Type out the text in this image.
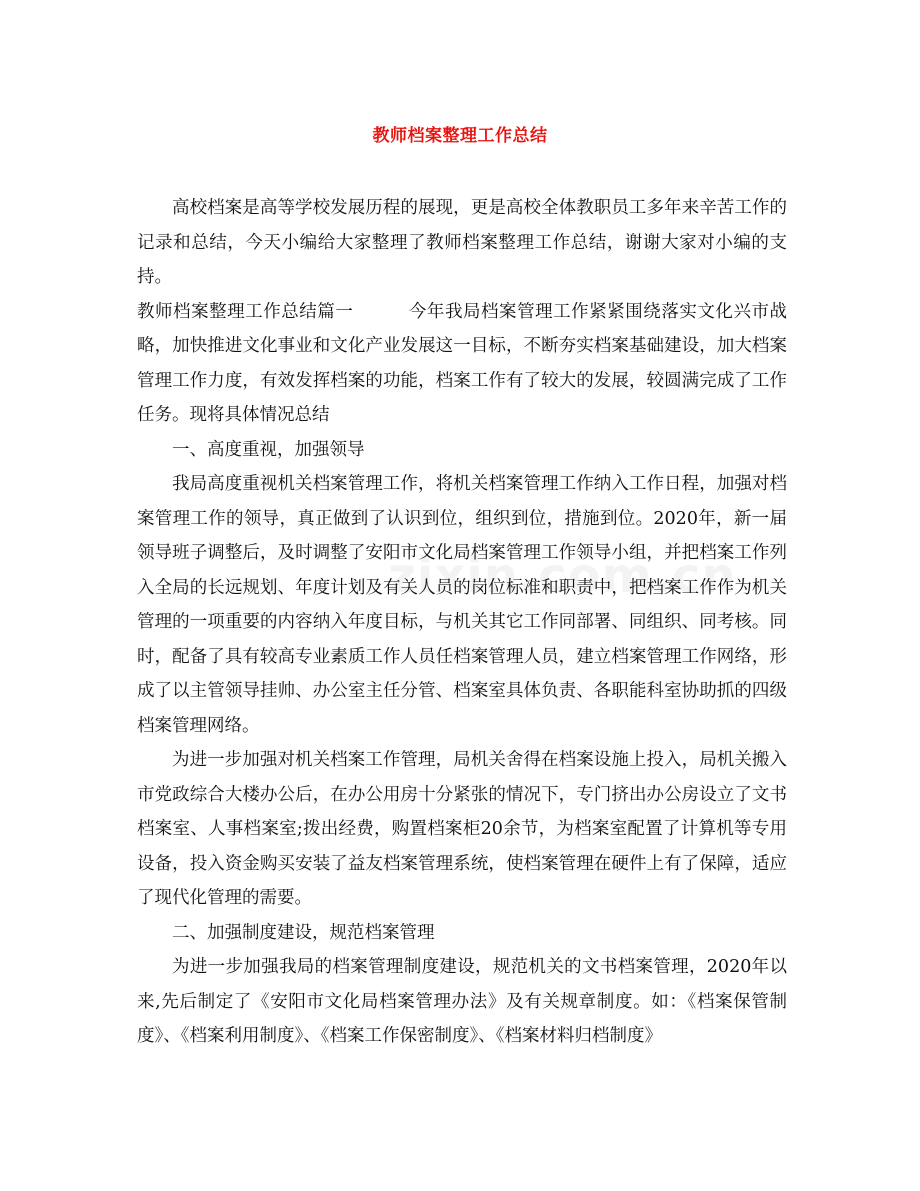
教师档案整理工作总结

高校档案是高等学校发展历程的展现，更是高校全体教职员工多年来辛苦工作的记录和总结，今天小编给大家整理了教师档案整理工作总结，谢谢大家对小编的支持。

教师档案整理工作总结篇一	今年我局档案管理工作紧紧围绕落实文化兴市战略，加快推进文化事业和文化产业发展这一目标，不断夯实档案基础建设，加大档案管理工作力度，有效发挥档案的功能，档案工作有了较大的发展，较圆满完成了工作任务。现将具体情况总结

一、高度重视，加强领导

我局高度重视机关档案管理工作，将机关档案管理工作纳入工作日程，加强对档案管理工作的领导，真正做到了认识到位，组织到位，措施到位。2020年，新一届领导班子调整后，及时调整了安阳市文化局档案管理工作领导小组，并把档案工作列入全局的长远规划、年度计划及有关人员的岗位标准和职责中，把档案工作作为机关管理的一项重要的内容纳入年度目标，与机关其它工作同部署、同组织、同考核。同时，配备了具有较高专业素质工作人员任档案管理人员，建立档案管理工作网络，形成了以主管领导挂帅、办公室主任分管、档案室具体负责、各职能科室协助抓的四级档案管理网络。

为进一步加强对机关档案工作管理，局机关舍得在档案设施上投入，局机关搬入市党政综合大楼办公后，在办公用房十分紧张的情况下，专门挤出办公房设立了文书档案室、人事档案室;拨出经费，购置档案柜20余节，为档案室配置了计算机等专用设备，投入资金购买安装了益友档案管理系统，使档案管理在硬件上有了保障，适应了现代化管理的需要。

二、加强制度建设，规范档案管理

为进一步加强我局的档案管理制度建设，规范机关的文书档案管理，2020年以来,先后制定了《安阳市文化局档案管理办法》及有关规章制度。如：《档案保管制度》、《档案利用制度》、《档案工作保密制度》、《档案材料归档制度》
